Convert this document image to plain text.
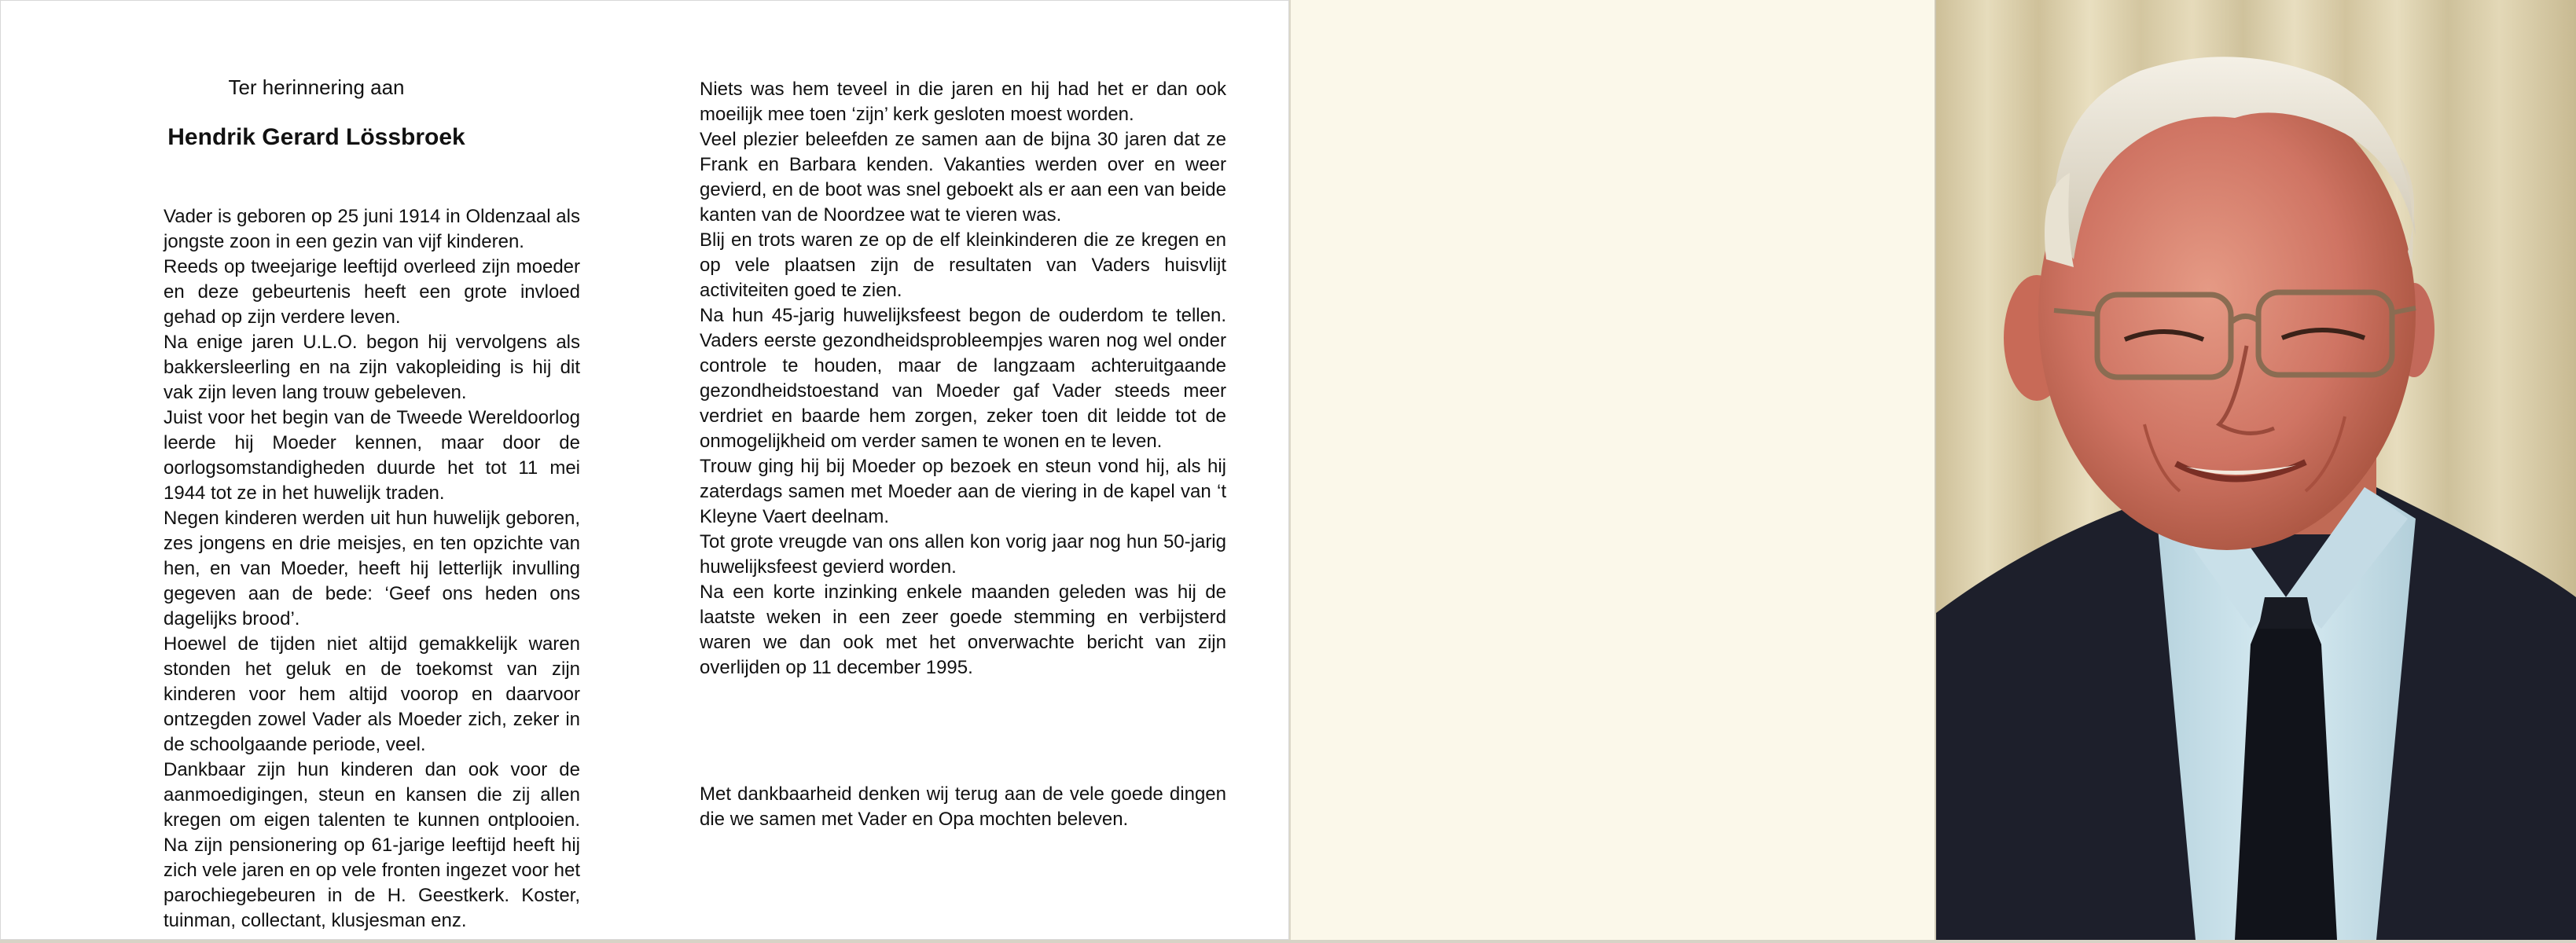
Ter herinnering aan
Hendrik Gerard Lössbroek

Vader is geboren op 25 juni 1914 in Oldenzaal als jongste zoon in een gezin van vijf kinderen.

Reeds op tweejarige leeftijd overleed zijn moeder en deze gebeurtenis heeft een grote invloed gehad op zijn verdere leven.

Na enige jaren U.L.O. begon hij vervolgens als bakkersleerling en na zijn vakopleiding is hij dit vak zijn leven lang trouw gebeleven.

Juist voor het begin van de Tweede Wereldoorlog leerde hij Moeder kennen, maar door de oorlogsomstandigheden duurde het tot 11 mei 1944 tot ze in het huwelijk traden.

Negen kinderen werden uit hun huwelijk geboren, zes jongens en drie meisjes, en ten opzichte van hen, en van Moeder, heeft hij letterlijk invulling gegeven aan de bede: ‘Geef ons heden ons dagelijks brood’.

Hoewel de tijden niet altijd gemakkelijk waren stonden het geluk en de toekomst van zijn kinderen voor hem altijd voorop en daarvoor ontzegden zowel Vader als Moeder zich, zeker in de schoolgaande periode, veel.

Dankbaar zijn hun kinderen dan ook voor de aanmoedigingen, steun en kansen die zij allen kregen om eigen talenten te kunnen ontplooien. Na zijn pensionering op 61-jarige leeftijd heeft hij zich vele jaren en op vele fronten ingezet voor het parochiegebeuren in de H. Geestkerk. Koster, tuinman, collectant, klusjesman enz.

Niets was hem teveel in die jaren en hij had het er dan ook moeilijk mee toen ‘zijn’ kerk gesloten moest worden.

Veel plezier beleefden ze samen aan de bijna 30 jaren dat ze Frank en Barbara kenden. Vakanties werden over en weer gevierd, en de boot was snel geboekt als er aan een van beide kanten van de Noordzee wat te vieren was.

Blij en trots waren ze op de elf kleinkinderen die ze kregen en op vele plaatsen zijn de resultaten van Vaders huisvlijt activiteiten goed te zien.

Na hun 45-jarig huwelijksfeest begon de ouderdom te tellen. Vaders eerste gezondheidsprobleempjes waren nog wel onder controle te houden, maar de langzaam achteruitgaande gezondheidstoestand van Moeder gaf Vader steeds meer verdriet en baarde hem zorgen, zeker toen dit leidde tot de onmogelijkheid om verder samen te wonen en te leven.

Trouw ging hij bij Moeder op bezoek en steun vond hij, als hij zaterdags samen met Moeder aan de viering in de kapel van ‘t Kleyne Vaert deelnam.

Tot grote vreugde van ons allen kon vorig jaar nog hun 50-jarig huwelijksfeest gevierd worden.

Na een korte inzinking enkele maanden geleden was hij de laatste weken in een zeer goede stemming en verbijsterd waren we dan ook met het onverwachte bericht van zijn overlijden op 11 december 1995.

Met dankbaarheid denken wij terug aan de vele goede dingen die we samen met Vader en Opa mochten beleven.
